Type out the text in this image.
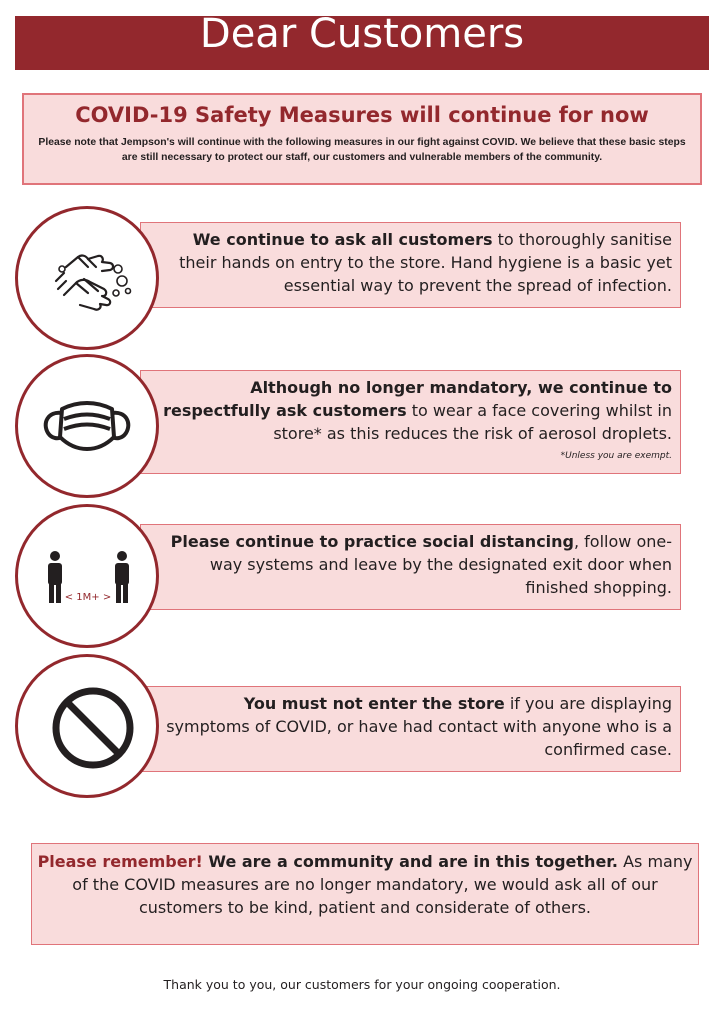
Dear Customers
COVID-19 Safety Measures will continue for now
Please note that Jempson's will continue with the following measures in our fight against COVID. We believe that these basic steps are still necessary to protect our staff, our customers and vulnerable members of the community.
We continue to ask all customers to thoroughly sanitise their hands on entry to the store. Hand hygiene is a basic yet essential way to prevent the spread of infection.
Although no longer mandatory, we continue to respectfully ask customers to wear a face covering whilst in store* as this reduces the risk of aerosol droplets.
*Unless you are exempt.
Please continue to practice social distancing, follow one-way systems and leave by the designated exit door when finished shopping.
< 1M+ >
You must not enter the store if you are displaying symptoms of COVID, or have had contact with anyone who is a confirmed case.
Please remember! We are a community and are in this together. As many of the COVID measures are no longer mandatory, we would ask all of our customers to be kind, patient and considerate of others.
Thank you to you, our customers for your ongoing cooperation.
